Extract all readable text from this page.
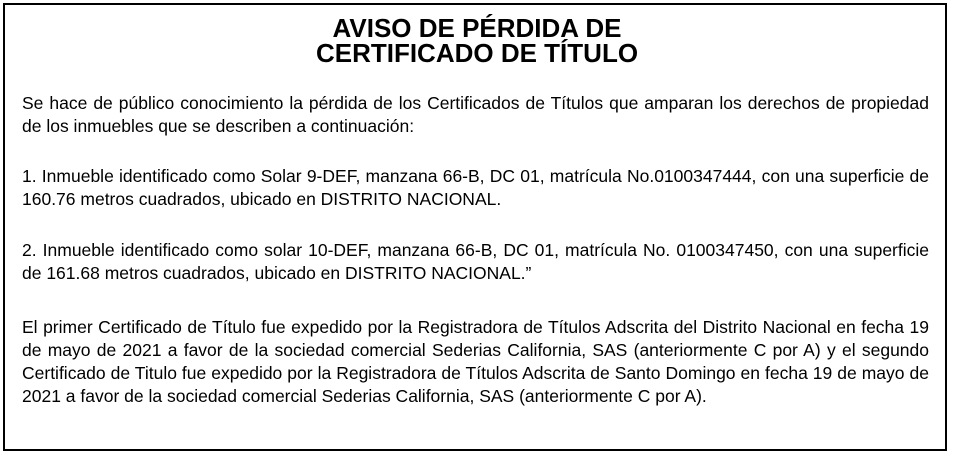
AVISO DE PÉRDIDA DE
CERTIFICADO DE TÍTULO

Se hace de público conocimiento la pérdida de los Certificados de Títulos que amparan los derechos de propiedad de los inmuebles que se describen a continuación:

1. Inmueble identificado como Solar 9-DEF, manzana 66-B, DC 01, matrícula No.0100347444, con una superficie de 160.76 metros cuadrados, ubicado en DISTRITO NACIONAL.

2. Inmueble identificado como solar 10-DEF, manzana 66-B, DC 01, matrícula No. 0100347450, con una superficie de 161.68 metros cuadrados, ubicado en DISTRITO NACIONAL.”

El primer Certificado de Título fue expedido por la Registradora de Títulos Adscrita del Distrito Nacional en fecha 19 de mayo de 2021 a favor de la sociedad comercial Sederias California, SAS (anteriormente C por A) y el segundo Certificado de Titulo fue expedido por la Registradora de Títulos Adscrita de Santo Domingo en fecha 19 de mayo de 2021 a favor de la sociedad comercial Sederias California, SAS (anteriormente C por A).
